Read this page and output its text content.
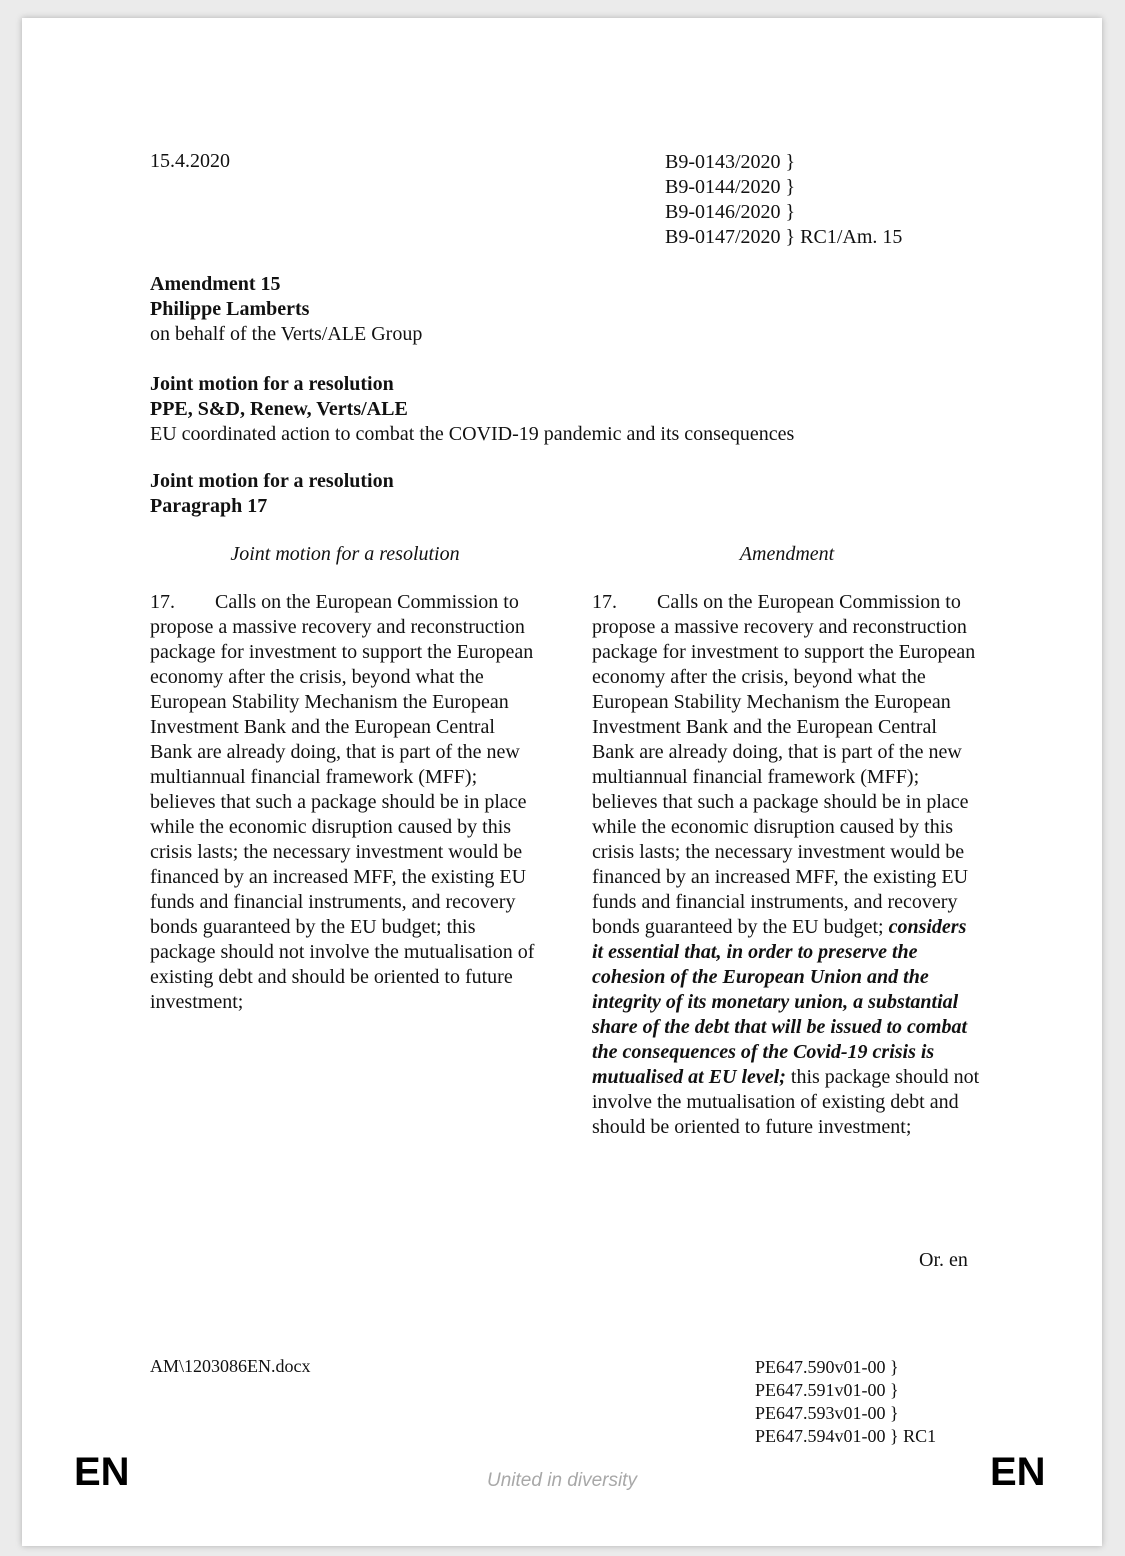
15.4.2020	B9-0143/2020 }
B9-0144/2020 }
B9-0146/2020 }
B9-0147/2020 } RC1/Am. 15
Amendment 15
Philippe Lamberts
on behalf of the Verts/ALE Group
Joint motion for a resolution
PPE, S&D, Renew, Verts/ALE
EU coordinated action to combat the COVID-19 pandemic and its consequences
Joint motion for a resolution
Paragraph 17
Joint motion for a resolution	Amendment
17. Calls on the European Commission to propose a massive recovery and reconstruction package for investment to support the European economy after the crisis, beyond what the European Stability Mechanism the European Investment Bank and the European Central Bank are already doing, that is part of the new multiannual financial framework (MFF); believes that such a package should be in place while the economic disruption caused by this crisis lasts; the necessary investment would be financed by an increased MFF, the existing EU funds and financial instruments, and recovery bonds guaranteed by the EU budget; this package should not involve the mutualisation of existing debt and should be oriented to future investment;
17. Calls on the European Commission to propose a massive recovery and reconstruction package for investment to support the European economy after the crisis, beyond what the European Stability Mechanism the European Investment Bank and the European Central Bank are already doing, that is part of the new multiannual financial framework (MFF); believes that such a package should be in place while the economic disruption caused by this crisis lasts; the necessary investment would be financed by an increased MFF, the existing EU funds and financial instruments, and recovery bonds guaranteed by the EU budget; considers it essential that, in order to preserve the cohesion of the European Union and the integrity of its monetary union, a substantial share of the debt that will be issued to combat the consequences of the Covid-19 crisis is mutualised at EU level; this package should not involve the mutualisation of existing debt and should be oriented to future investment;
Or. en
AM\1203086EN.docx	PE647.590v01-00 }
PE647.591v01-00 }
PE647.593v01-00 }
PE647.594v01-00 } RC1
EN	United in diversity	EN
